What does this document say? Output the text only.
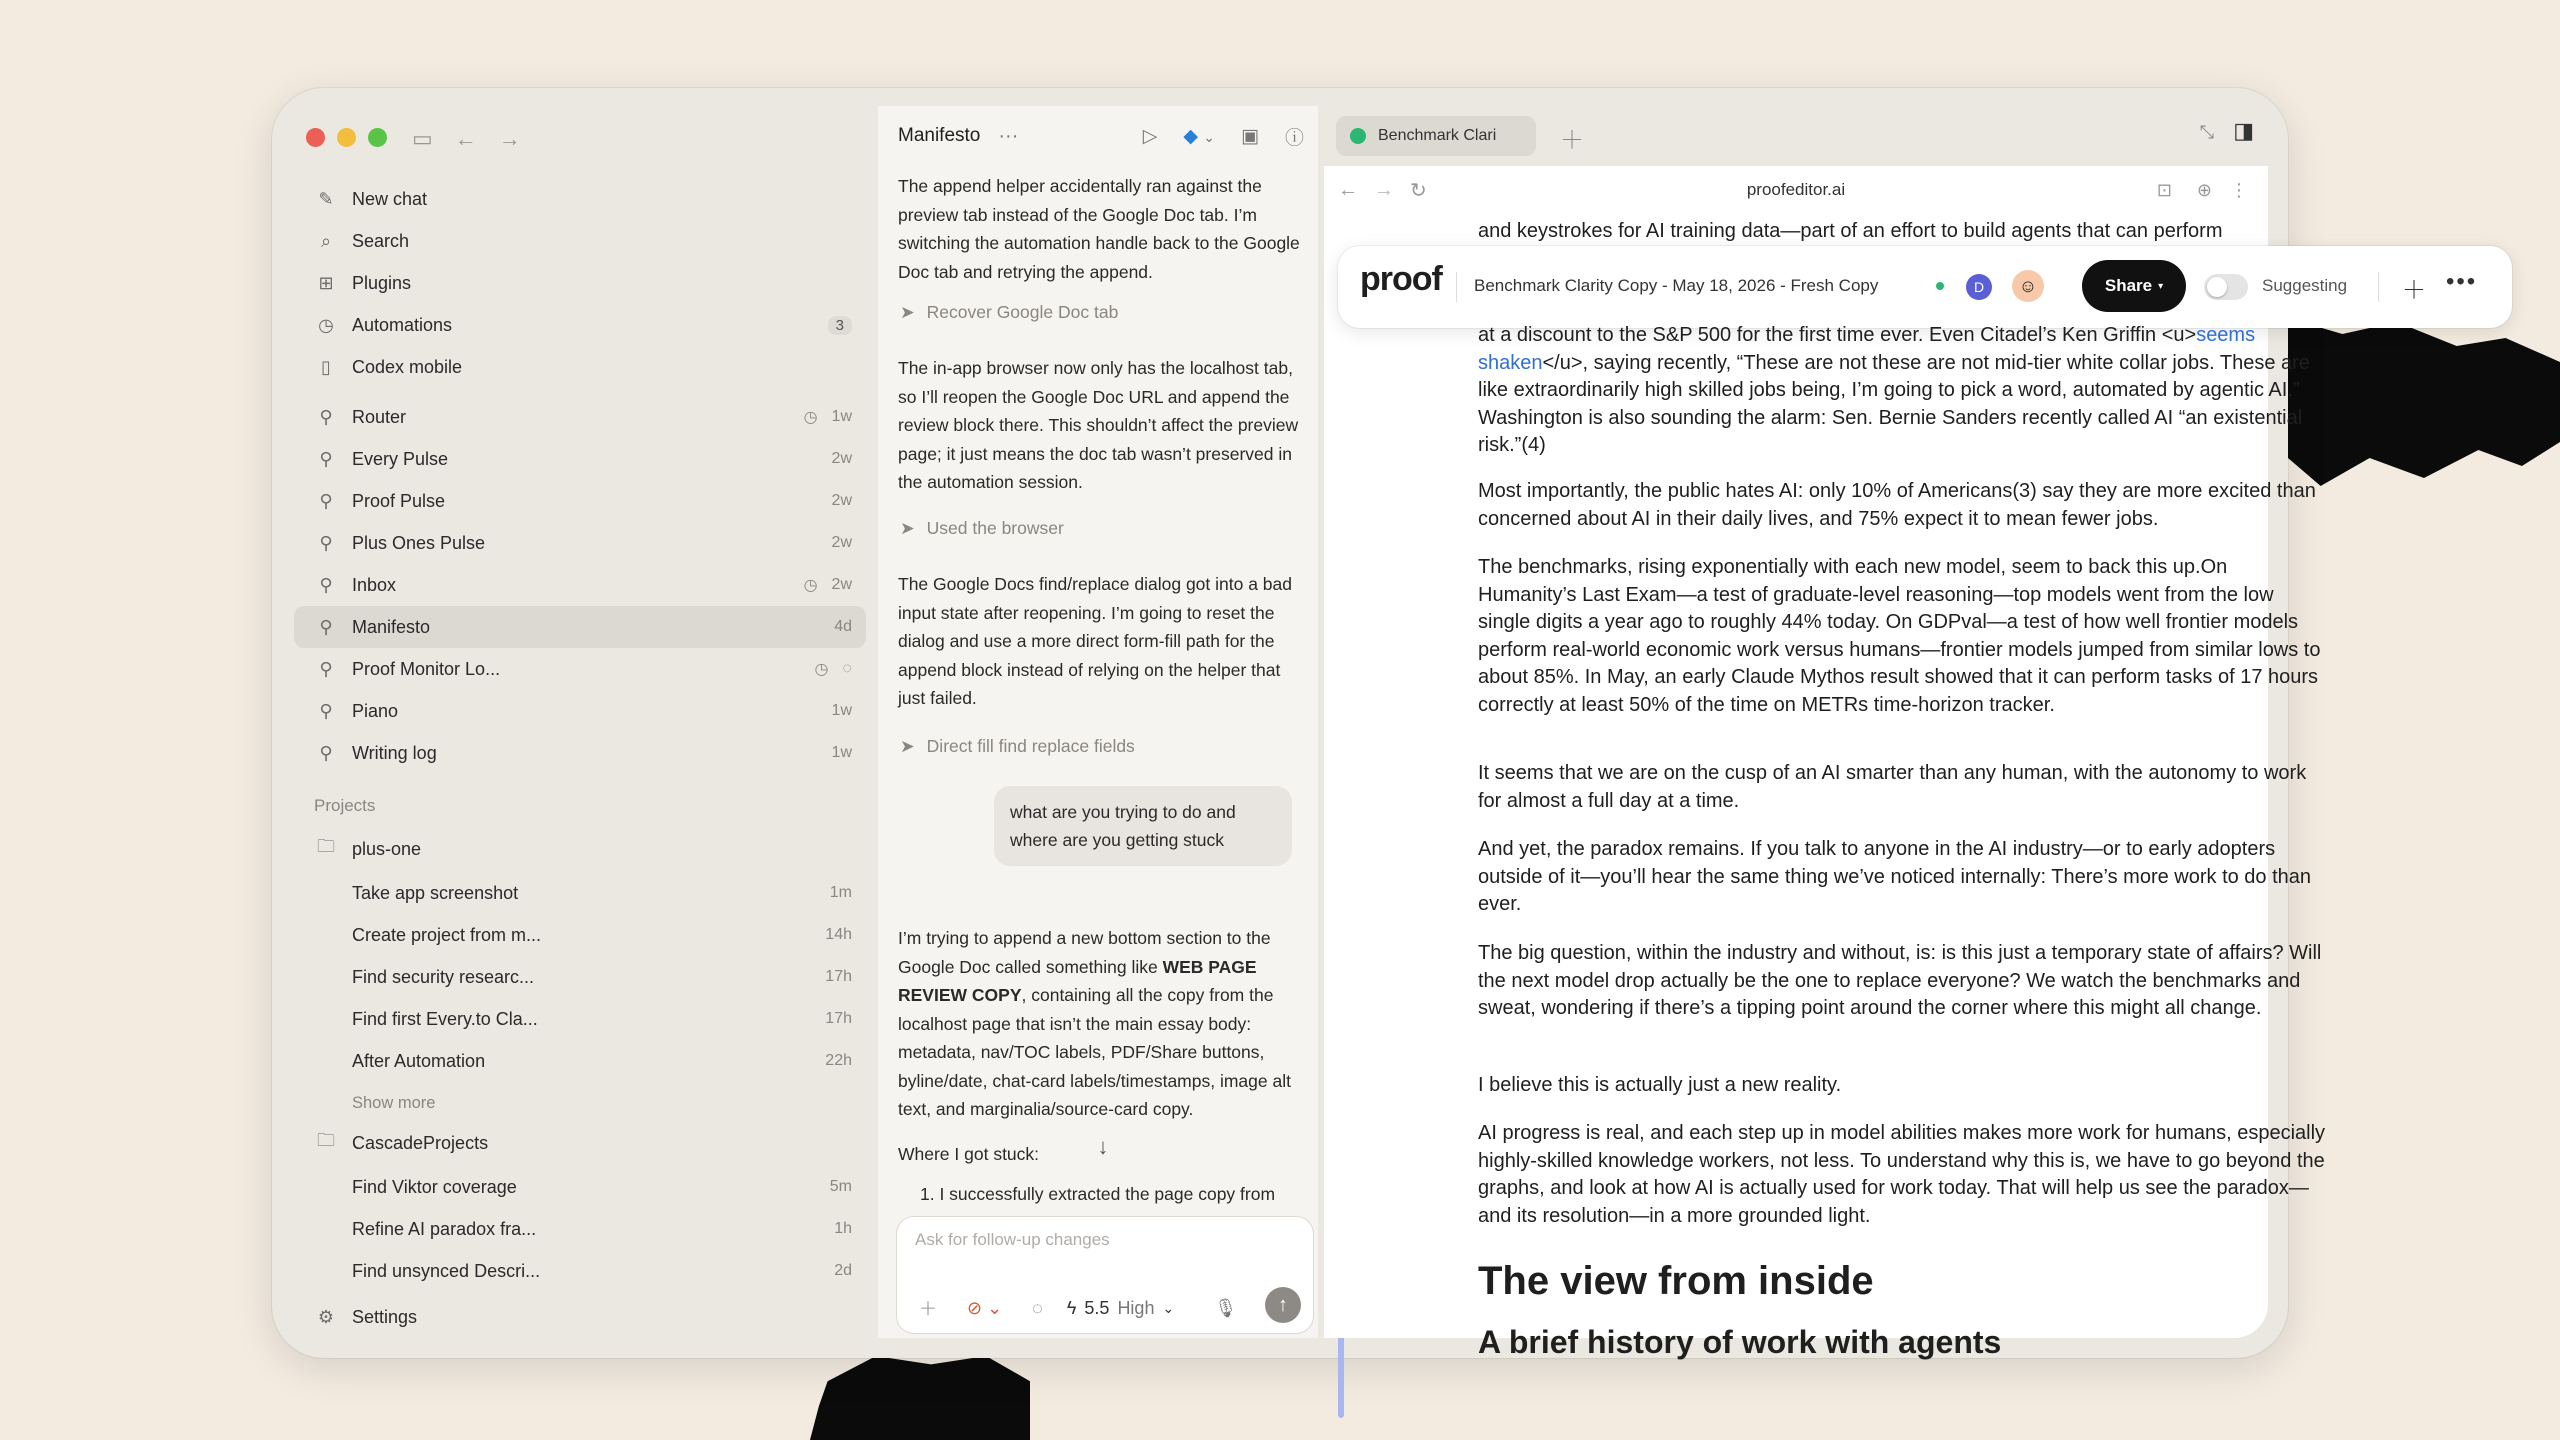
▭ ← →
✎ New chat
⌕	Search
⊞ Plugins
◷ Automations	3
▯	Codex mobile
⚲	Router	◷ 1w
⚲	Every Pulse	2w
⚲	Proof Pulse	2w
⚲	Plus Ones Pulse	2w
⚲	Inbox	◷ 2w
⚲	Manifesto	4d
⚲	Proof Monitor Lo...	◷ ◌
⚲	Piano	1w
⚲	Writing log	1w
Projects
🗀 plus-one
Take app screenshot	1m
Create project from m...	14h
Find security researc...	17h
Find first Every.to Cla...	17h
After Automation	22h
Show more
🗀 CascadeProjects
Find Viktor coverage	5m
Refine AI paradox fra...	1h
Find unsynced Descri...	2d
⚙ Settings
Manifesto ···	▷ ◆ ⌄ ▣ ⓘ
The append helper accidentally ran against the preview tab instead of the Google Doc tab. I’m switching the automation handle back to the Google Doc tab and retrying the append.
➤ Recover Google Doc tab
The in-app browser now only has the localhost tab, so I’ll reopen the Google Doc URL and append the review block there. This shouldn’t affect the preview page; it just means the doc tab wasn’t preserved in the automation session.
➤ Used the browser
The Google Docs find/replace dialog got into a bad input state after reopening. I’m going to reset the dialog and use a more direct form-fill path for the append block instead of relying on the helper that just failed.
➤ Direct fill find replace fields
what are you trying to do and where are you getting stuck
I’m trying to append a new bottom section to the Google Doc called something like WEB PAGE REVIEW COPY, containing all the copy from the localhost page that isn’t the main essay body: metadata, nav/TOC labels, PDF/Share buttons, byline/date, chat-card labels/timestamps, image alt text, and marginalia/source-card copy.
Where I got stuck:
1. I successfully extracted the page copy from
↓
Ask for follow-up changes
＋ ⊘ ⌄ ◌ ϟ 5.5 High ⌄ 🎙	↑
Benchmark Clari	＋	⤡ ◨
← → ↻	proofeditor.ai	⊡ ⊕ ⋮
and keystrokes for AI training data—part of an effort to build agents that can perform
proof Benchmark Clarity Copy - May 18, 2026 - Fresh Copy	D	☺	Share ▾	Suggesting ＋ •••
at a discount to the S&P 500 for the first time ever. Even Citadel’s Ken Griffin <u>seems shaken</u>, saying recently, “These are not these are not mid-tier white collar jobs. These are like extraordinarily high skilled jobs being, I’m going to pick a word, automated by agentic AI.” Washington is also sounding the alarm: Sen. Bernie Sanders recently called AI “an existential risk.”(4)
Most importantly, the public hates AI: only 10% of Americans(3) say they are more excited than concerned about AI in their daily lives, and 75% expect it to mean fewer jobs.
The benchmarks, rising exponentially with each new model, seem to back this up.On Humanity’s Last Exam—a test of graduate-level reasoning—top models went from the low single digits a year ago to roughly 44% today. On GDPval—a test of how well frontier models perform real-world economic work versus humans—frontier models jumped from similar lows to about 85%. In May, an early Claude Mythos result showed that it can perform tasks of 17 hours correctly at least 50% of the time on METRs time-horizon tracker.
It seems that we are on the cusp of an AI smarter than any human, with the autonomy to work for almost a full day at a time.
And yet, the paradox remains. If you talk to anyone in the AI industry—or to early adopters outside of it—you’ll hear the same thing we’ve noticed internally: There’s more work to do than ever.
The big question, within the industry and without, is: is this just a temporary state of affairs? Will the next model drop actually be the one to replace everyone? We watch the benchmarks and sweat, wondering if there’s a tipping point around the corner where this might all change.
I believe this is actually just a new reality.
AI progress is real, and each step up in model abilities makes more work for humans, especially highly-skilled knowledge workers, not less. To understand why this is, we have to go beyond the graphs, and look at how AI is actually used for work today. That will help us see the paradox—and its resolution—in a more grounded light.
The view from inside
A brief history of work with agents
